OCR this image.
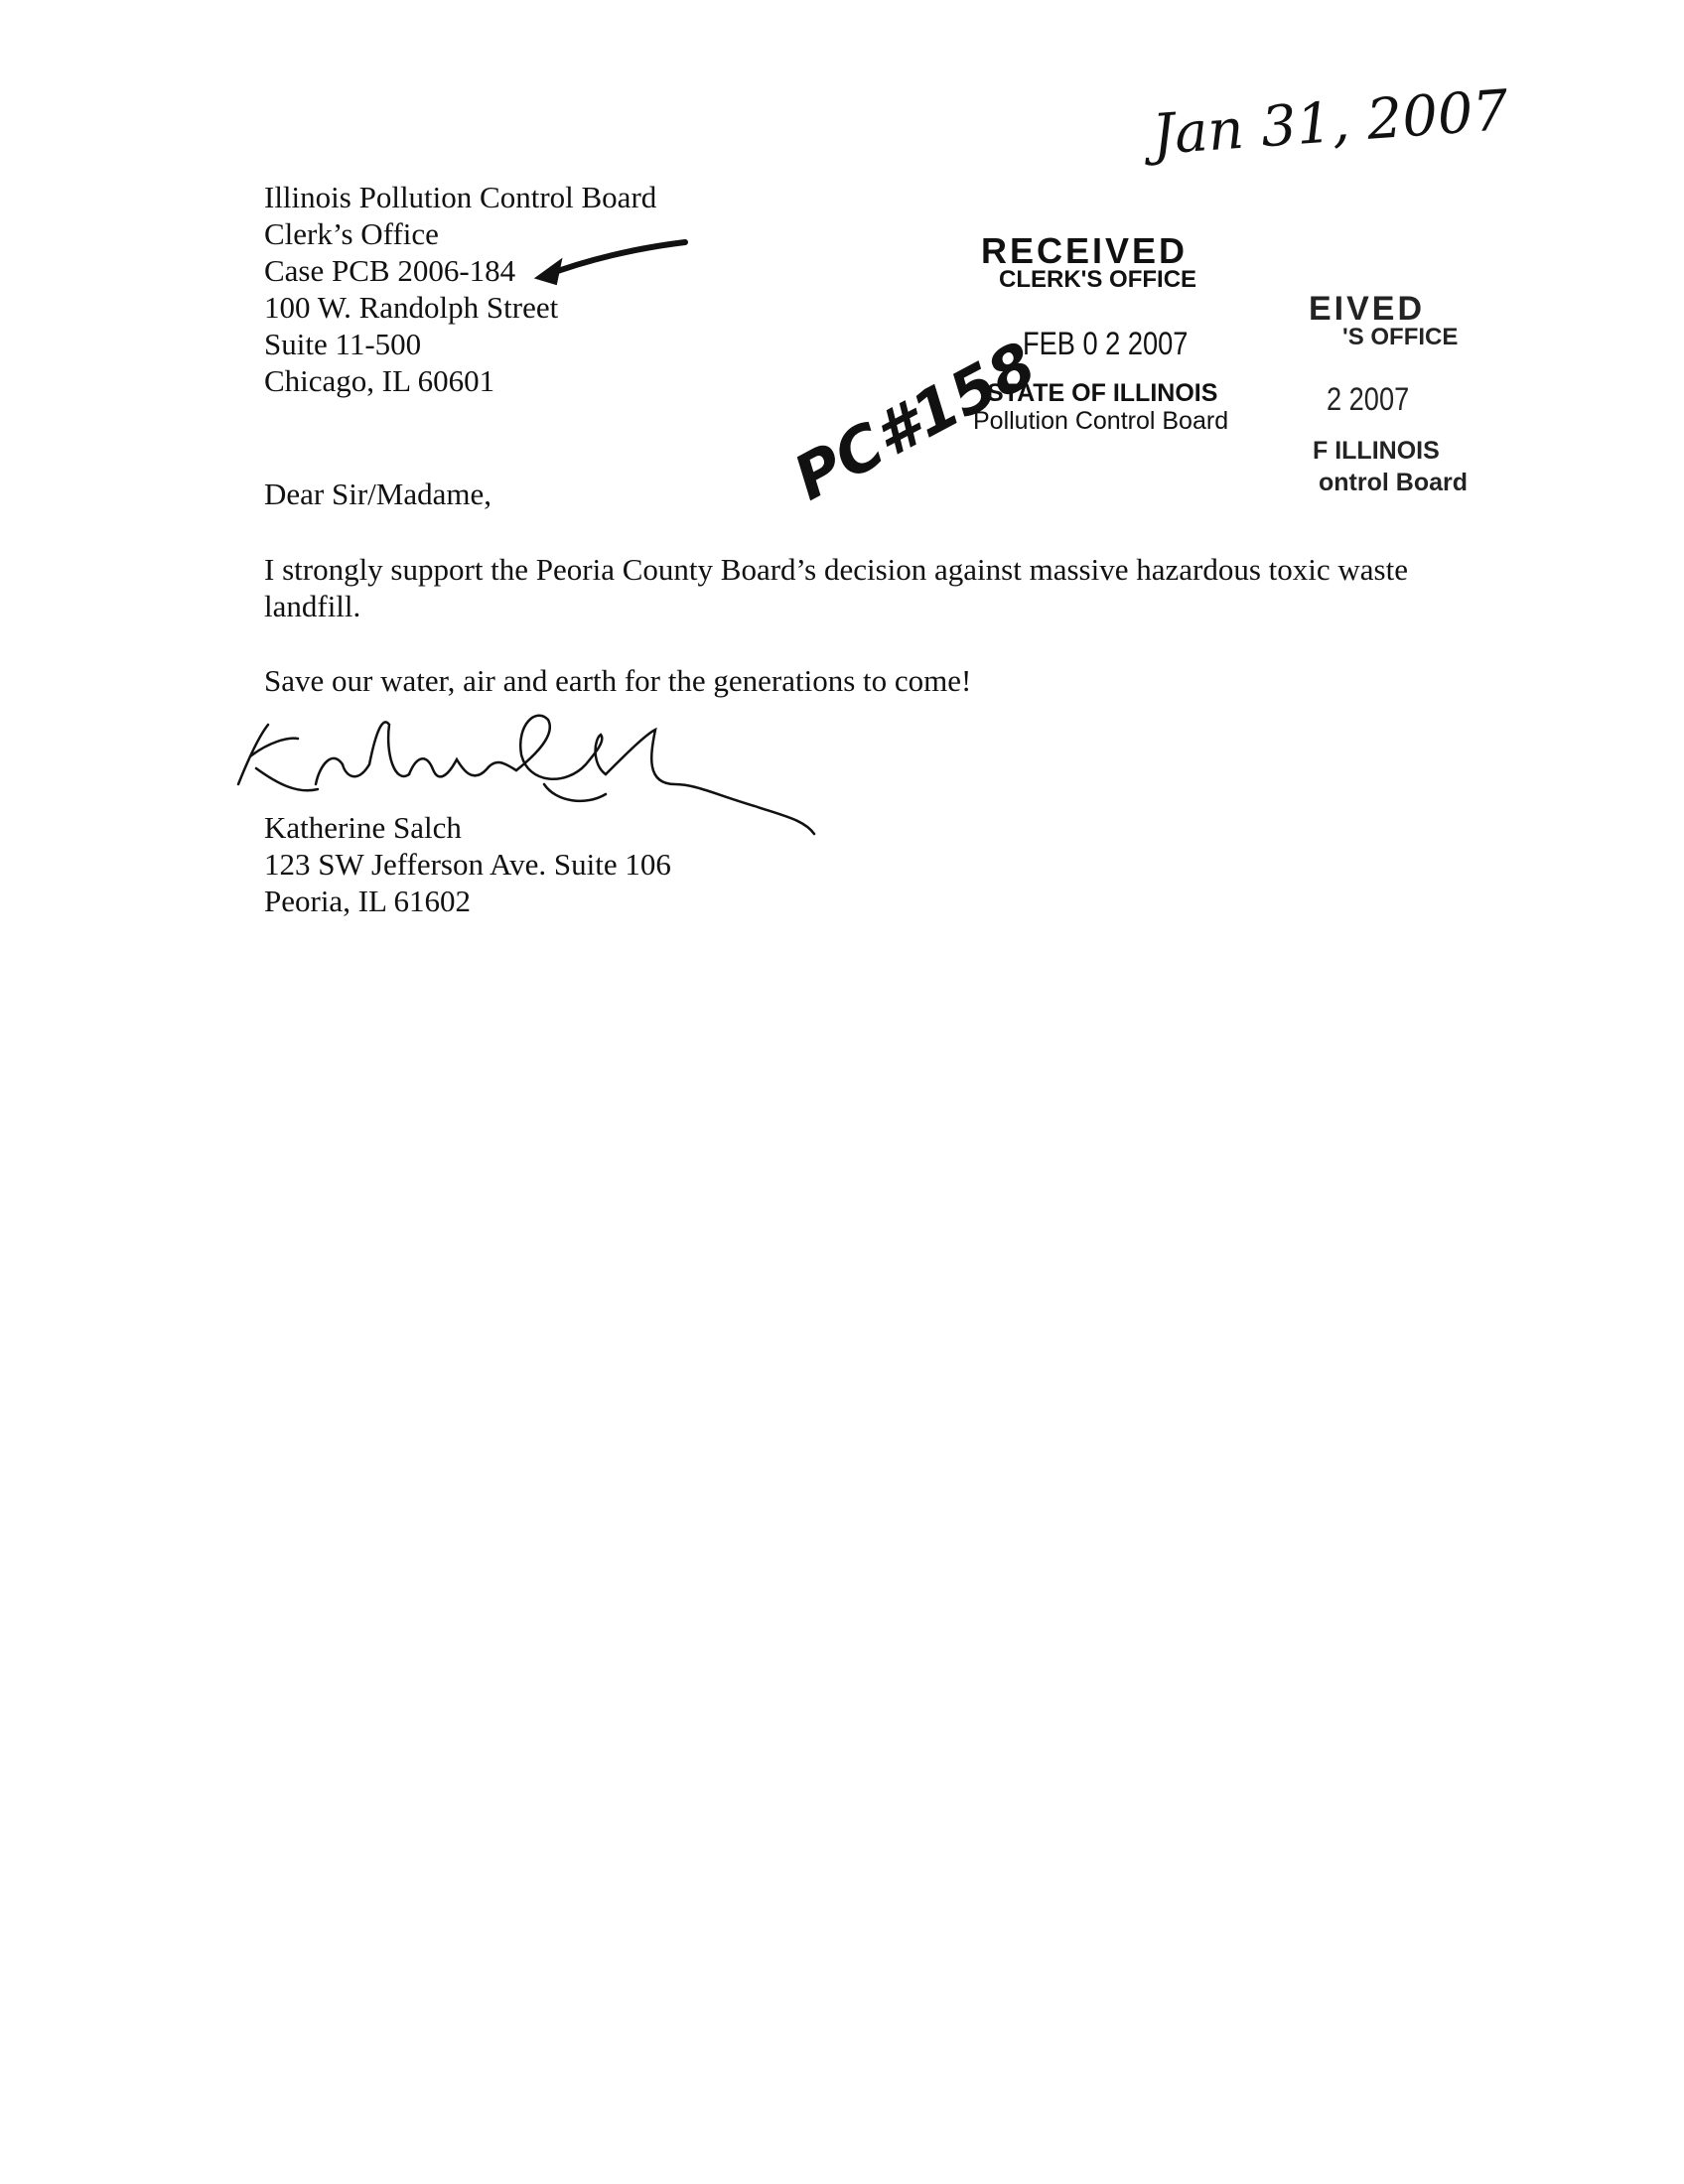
Illinois Pollution Control Board
Clerk’s Office
Case PCB 2006-184
100 W. Randolph Street
Suite 11-500
Chicago, IL 60601
RECEIVED
CLERK'S OFFICE
FEB 0 2 2007
STATE OF ILLINOIS
Pollution Control Board
EIVED
'S OFFICE
2 2007
F ILLINOIS
ontrol Board
Jan 31, 2007
PC#158
Dear Sir/Madame,
I strongly support the Peoria County Board’s decision against massive hazardous toxic waste landfill.
Save our water, air and earth for the generations to come!
Katherine Salch
123 SW Jefferson Ave. Suite 106
Peoria, IL 61602
